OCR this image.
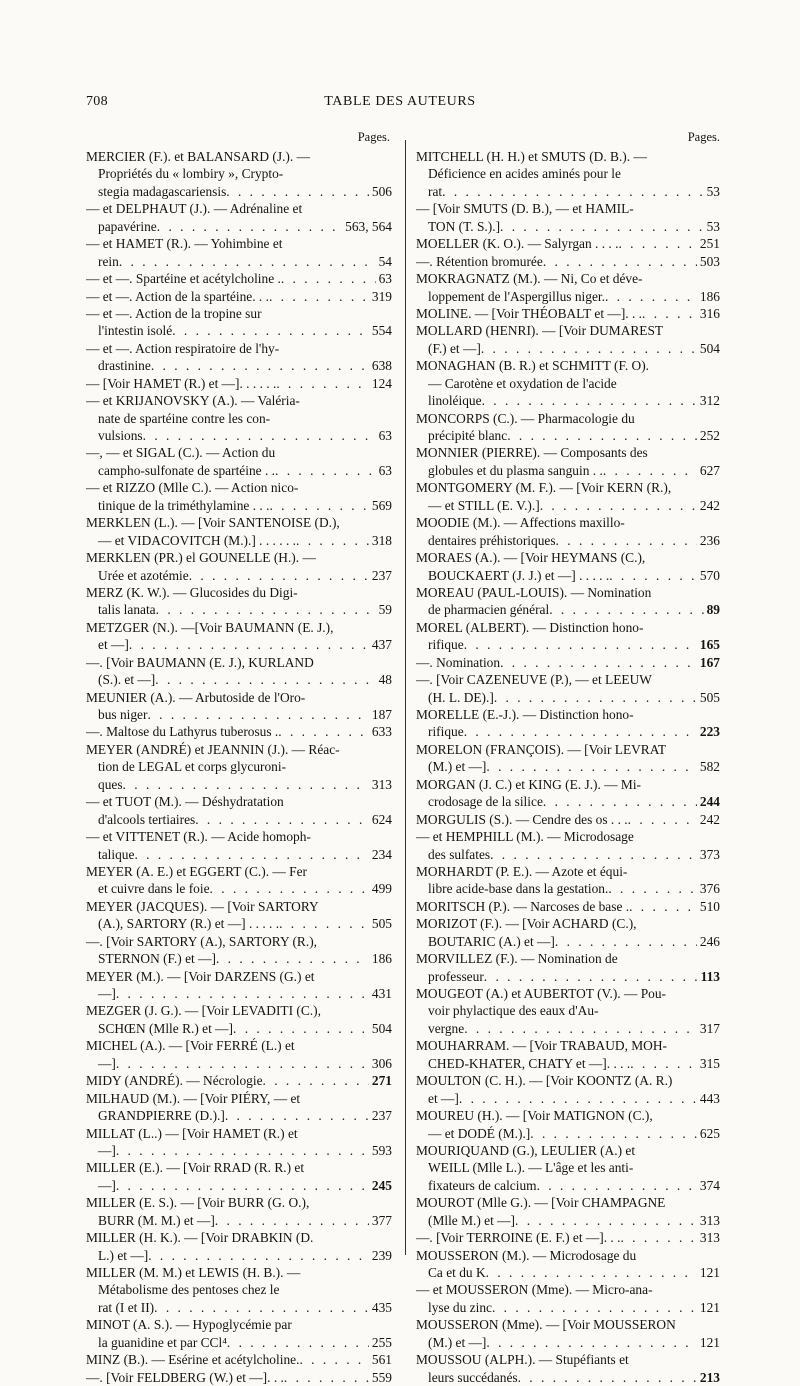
708	TABLE DES AUTEURS
Pages.
MERCIER (F.). et BALANSARD (J.). —
Propriétés du « lombiry », Crypto-
stegia madagascariensis . . .	506
— et DELPHAUT (J.). — Adrénaline et
papavérine . . .	563, 564
— et HAMET (R.). — Yohimbine et
rein . . .	54
— et —. Spartéine et acétylcholine . . . .	63
— et —. Action de la spartéine. . . . . .	319
— et —. Action de la tropine sur
l'intestin isolé . . .	554
— et —. Action respiratoire de l'hy-
drastinine . . .	638
— [Voir HAMET (R.) et —]. . . . . . . . .	124
— et KRIJANOVSKY (A.). — Valéria-
nate de spartéine contre les con-
vulsions . . .	63
—, — et SIGAL (C.). — Action du
campho-sulfonate de spartéine . . . . .	63
— et RIZZO (Mlle C.). — Action nico-
tinique de la triméthylamine . . . . . .	569
MERKLEN (L.). — [Voir SANTENOISE (D.),
— et VIDACOVITCH (M.).] . . . . . . . . .	318
MERKLEN (PR.) el GOUNELLE (H.). —
Urée et azotémie . . .	237
MERZ (K. W.). — Glucosides du Digi-
talis lanata . . .	59
METZGER (N.). —[Voir BAUMANN (E. J.),
et —] . . .	437
—. [Voir BAUMANN (E. J.), KURLAND
(S.). et —] . . .	48
MEUNIER (A.). — Arbutoside de l'Oro-
bus niger . . .	187
—. Maltose du Lathyrus tuberosus . . . .	633
MEYER (ANDRÉ) et JEANNIN (J.). — Réac-
tion de LEGAL et corps glycuroni-
ques . . .	313
— et TUOT (M.). — Déshydratation
d'alcools tertiaires . . .	624
— et VITTENET (R.). — Acide homoph-
talique . . .	234
MEYER (A. E.) et EGGERT (C.). — Fer
et cuivre dans le foie . . .	499
MEYER (JACQUES). — [Voir SARTORY
(A.), SARTORY (R.) et —] . . . . . . . .	505
—. [Voir SARTORY (A.), SARTORY (R.),
STERNON (F.) et —] . . .	186
MEYER (M.). — [Voir DARZENS (G.) et
—] . . .	431
MEZGER (J. G.). — [Voir LEVADITI (C.),
SCHŒN (Mlle R.) et —] . . .	504
MICHEL (A.). — [Voir FERRÉ (L.) et
—] . . .	306
MIDY (ANDRÉ). — Nécrologie . . .	271
MILHAUD (M.). — [Voir PIÉRY, — et
GRANDPIERRE (D.).] . . .	237
MILLAT (L..) — [Voir HAMET (R.) et
—] . . .	593
MILLER (E.). — [Voir RRAD (R. R.) et
—] . . .	245
MILLER (E. S.). — [Voir BURR (G. O.),
BURR (M. M.) et —] . . .	377
MILLER (H. K.). — [Voir DRABKIN (D.
L.) et —] . . .	239
MILLER (M. M.) et LEWIS (H. B.). —
Métabolisme des pentoses chez le
rat (I et II) . . .	435
MINOT (A. S.). — Hypoglycémie par
la guanidine et par CCl⁴ . . .	255
MINZ (B.). — Esérine et acétylcholine. . . .	561
—. [Voir FELDBERG (W.) et —]. . . . . .	559
Pages.
MITCHELL (H. H.) et SMUTS (D. B.). —
Déficience en acides aminés pour le
rat . . .	53
— [Voir SMUTS (D. B.), — et HAMIL-
TON (T. S.).] . . .	53
MOELLER (K. O.). — Salyrgan . . . . . . .	251
—. Rétention bromurée . . .	503
MOKRAGNATZ (M.). — Ni, Co et déve-
loppement de l'Aspergillus niger. . . .	186
MOLINE. — [Voir THÉOBALT et —]. . . . . .	316
MOLLARD (HENRI). — [Voir DUMAREST
(F.) et —] . . .	504
MONAGHAN (B. R.) et SCHMITT (F. O).
— Carotène et oxydation de l'acide
linoléique . . .	312
MONCORPS (C.). — Pharmacologie du
précipité blanc . . .	252
MONNIER (PIERRE). — Composants des
globules et du plasma sanguin . . . . .	627
MONTGOMERY (M. F.). — [Voir KERN (R.),
— et STILL (E. V.).] . . .	242
MOODIE (M.). — Affections maxillo-
dentaires préhistoriques . . .	236
MORAES (A.). — [Voir HEYMANS (C.),
BOUCKAERT (J. J.) et —] . . . . . . . .	570
MOREAU (PAUL-LOUIS). — Nomination
de pharmacien général . . .	89
MOREL (ALBERT). — Distinction hono-
rifique . . .	165
—. Nomination . . .	167
—. [Voir CAZENEUVE (P.), — et LEEUW
(H. L. DE).] . . .	505
MORELLE (E.-J.). — Distinction hono-
rifique . . .	223
MORELON (FRANÇOIS). — [Voir LEVRAT
(M.) et —] . . .	582
MORGAN (J. C.) et KING (E. J.). — Mi-
crodosage de la silice . . .	244
MORGULIS (S.). — Cendre des os . . . . . .	242
— et HEMPHILL (M.). — Microdosage
des sulfates . . .	373
MORHARDT (P. E.). — Azote et équi-
libre acide-base dans la gestation. . . .	376
MORITSCH (P.). — Narcoses de base . . . .	510
MORIZOT (F.). — [Voir ACHARD (C.),
BOUTARIC (A.) et —] . . .	246
MORVILLEZ (F.). — Nomination de
professeur . . .	113
MOUGEOT (A.) et AUBERTOT (V.). — Pou-
voir phylactique des eaux d'Au-
vergne . . .	317
MOUHARRAM. — [Voir TRABAUD, MOH-
CHED-KHATER, CHATY et —]. . . . . . .	315
MOULTON (C. H.). — [Voir KOONTZ (A. R.)
et —] . . .	443
MOUREU (H.). — [Voir MATIGNON (C.),
— et DODÉ (M.).] . . .	625
MOURIQUAND (G.), LEULIER (A.) et
WEILL (Mlle L.). — L'âge et les anti-
fixateurs de calcium . . .	374
MOUROT (Mlle G.). — [Voir CHAMPAGNE
(Mlle M.) et —] . . .	313
—. [Voir TERROINE (E. F.) et —]. . . . . .	313
MOUSSERON (M.). — Microdosage du
Ca et du K . . .	121
— et MOUSSERON (Mme). — Micro-ana-
lyse du zinc . . .	121
MOUSSERON (Mme). — [Voir MOUSSERON
(M.) et —] . . .	121
MOUSSOU (ALPH.). — Stupéfiants et
leurs succédanés . . .	213
